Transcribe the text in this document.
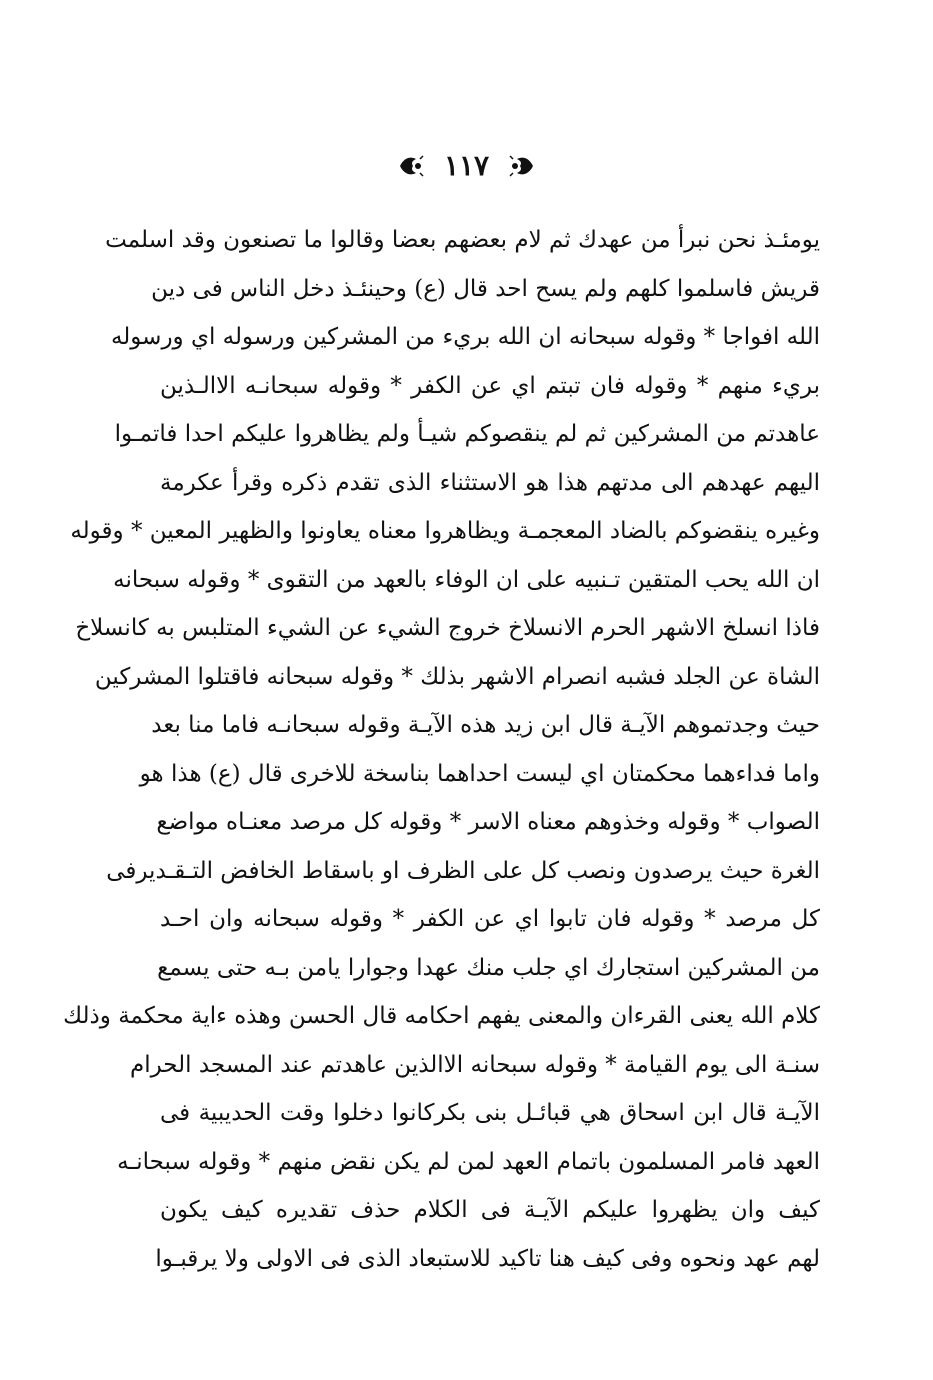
١١٧
يومئـذ نحن نبرأ من عهدك ثم لام بعضهم بعضا وقالوا ما تصنعون وقد اسلمت
قريش فاسلموا كلهم ولم يسح احد قال (ع) وحينئـذ دخل الناس فى دين
الله افواجا * وقوله سبحانه ان الله بريء من المشركين ورسوله اي ورسوله
بريء منهم * وقوله فان تبتم اي عن الكفر * وقوله سبحانـه الاالـذين
عاهدتم من المشركين ثم لم ينقصوكم شيـأ ولم يظاهروا عليكم احدا فاتمـوا
اليهم عهدهم الى مدتهم هذا هو الاستثناء الذى تقدم ذكره وقرأ عكرمة
وغيره ينقضوكم بالضاد المعجمـة ويظاهروا معناه يعاونوا والظهير المعين * وقوله
ان الله يحب المتقين تـنبيه على ان الوفاء بالعهد من التقوى * وقوله سبحانه
فاذا انسلخ الاشهر الحرم الانسلاخ خروج الشيء عن الشيء المتلبس به كانسلاخ
الشاة عن الجلد فشبه انصرام الاشهر بذلك * وقوله سبحانه فاقتلوا المشركين
حيث وجدتموهم الآيـة قال ابن زيد هذه الآيـة وقوله سبحانـه فاما منا بعد
واما فداءهما محكمتان اي ليست احداهما بناسخة للاخرى قال (ع) هذا هو
الصواب * وقوله وخذوهم معناه الاسر * وقوله كل مرصد معنـاه مواضع
الغرة حيث يرصدون ونصب كل على الظرف او باسقاط الخافض التـقـديرفى
كل مرصد * وقوله فان تابوا اي عن الكفر * وقوله سبحانه وان احـد
من المشركين استجارك اي جلب منك عهدا وجوارا يامن بـه حتى يسمع
كلام الله يعنى القرءان والمعنى يفهم احكامه قال الحسن وهذه ءاية محكمة وذلك
سنـة الى يوم القيامة * وقوله سبحانه الاالذين عاهدتم عند المسجد الحرام
الآيـة قال ابن اسحاق هي قبائـل بنى بكركانوا دخلوا وقت الحديبية فى
العهد فامر المسلمون باتمام العهد لمن لم يكن نقض منهم * وقوله سبحانـه
كيف وان يظهروا عليكم الآيـة فى الكلام حذف تقديره كيف يكون
لهم عهد ونحوه وفى كيف هنا تاكيد للاستبعاد الذى فى الاولى ولا يرقبـوا
